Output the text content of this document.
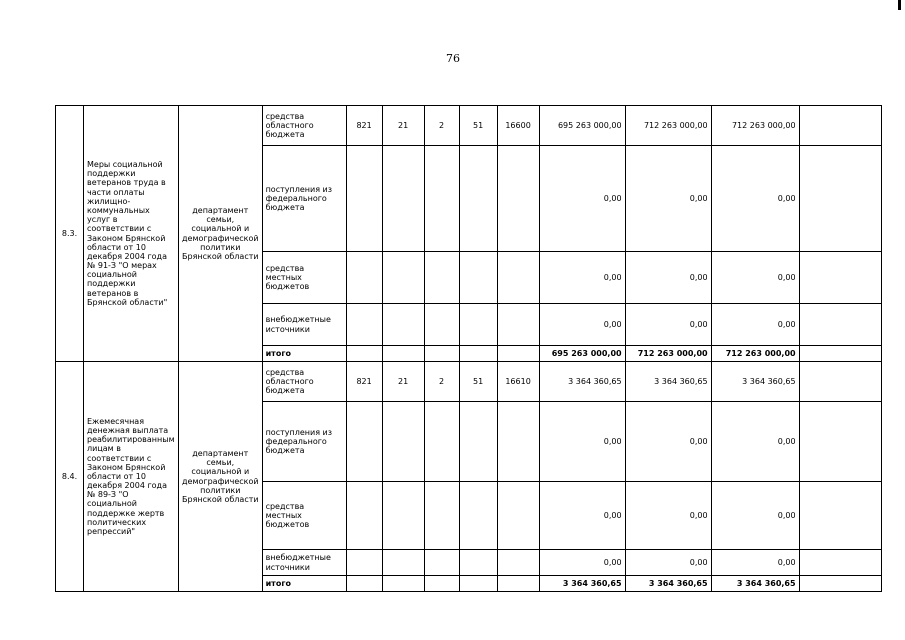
76
8.3.	Меры социальной поддержки ветеранов труда в части оплаты жилищно-коммунальных услуг в соответствии с Законом Брянской области от 10 декабря 2004 года № 91-З "О мерах социальной поддержки ветеранов в Брянской области"	департамент семьи, социальной и демографической политики Брянской области	средства областного бюджета	821	21	2	51	16600	695 263 000,00	712 263 000,00	712 263 000,00	
			поступления из федерального бюджета						0,00	0,00	0,00	
			средства местных бюджетов						0,00	0,00	0,00	
			внебюджетные источники						0,00	0,00	0,00	
			итого						695 263 000,00	712 263 000,00	712 263 000,00	
8.4.	Ежемесячная денежная выплата реабилитированным лицам в соответствии с Законом Брянской области от 10 декабря 2004 года № 89-З "О социальной поддержке жертв политических репрессий"	департамент семьи, социальной и демографической политики Брянской области	средства областного бюджета	821	21	2	51	16610	3 364 360,65	3 364 360,65	3 364 360,65	
			поступления из федерального бюджета						0,00	0,00	0,00	
			средства местных бюджетов						0,00	0,00	0,00	
			внебюджетные источники						0,00	0,00	0,00	
			итого						3 364 360,65	3 364 360,65	3 364 360,65	
